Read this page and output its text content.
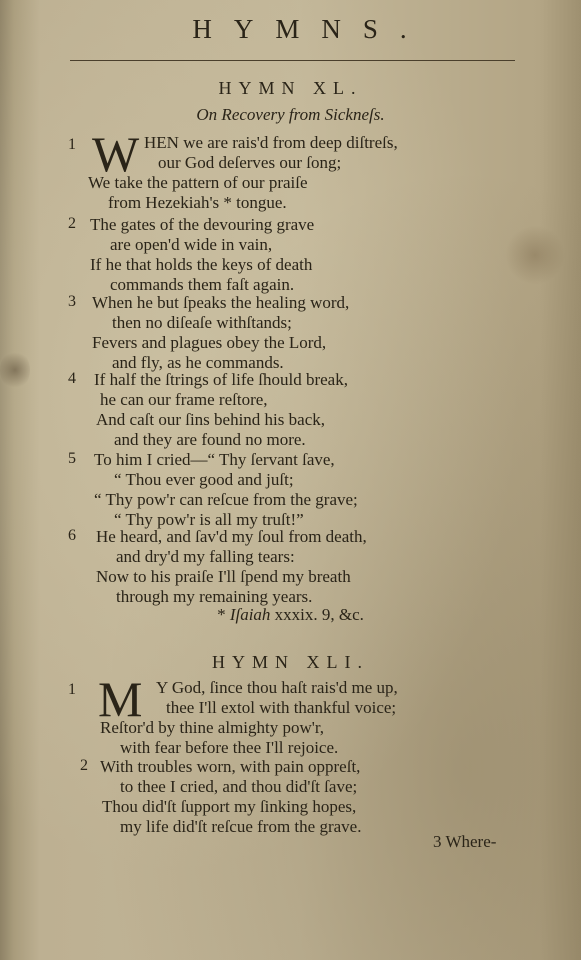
HYMNS.
HYMN XL.
On Recovery from Sickneſs.
1 W HEN we are rais'd from deep diſtreſs,
our God deſerves our ſong;
We take the pattern of our praiſe
from Hezekiah's * tongue.
2 The gates of the devouring grave
are open'd wide in vain,
If he that holds the keys of death
commands them faſt again.
3 When he but ſpeaks the healing word,
then no diſeaſe withſtands;
Fevers and plagues obey the Lord,
and fly, as he commands.
4 If half the ſtrings of life ſhould break,
he can our frame reſtore,
And caſt our ſins behind his back,
and they are found no more.
5 To him I cried—“ Thy ſervant ſave,
“ Thou ever good and juſt;
“ Thy pow'r can reſcue from the grave;
“ Thy pow'r is all my truſt!”
6 He heard, and ſav'd my ſoul from death,
and dry'd my falling tears:
Now to his praiſe I'll ſpend my breath
through my remaining years.
* Iſaiah xxxix. 9, &c.
HYMN XLI.
1 M Y God, ſince thou haſt rais'd me up,
thee I'll extol with thankful voice;
Reſtor'd by thine almighty pow'r,
with fear before thee I'll rejoice.
2 With troubles worn, with pain oppreſt,
to thee I cried, and thou did'ſt ſave;
Thou did'ſt ſupport my ſinking hopes,
my life did'ſt reſcue from the grave.
3 Where-
